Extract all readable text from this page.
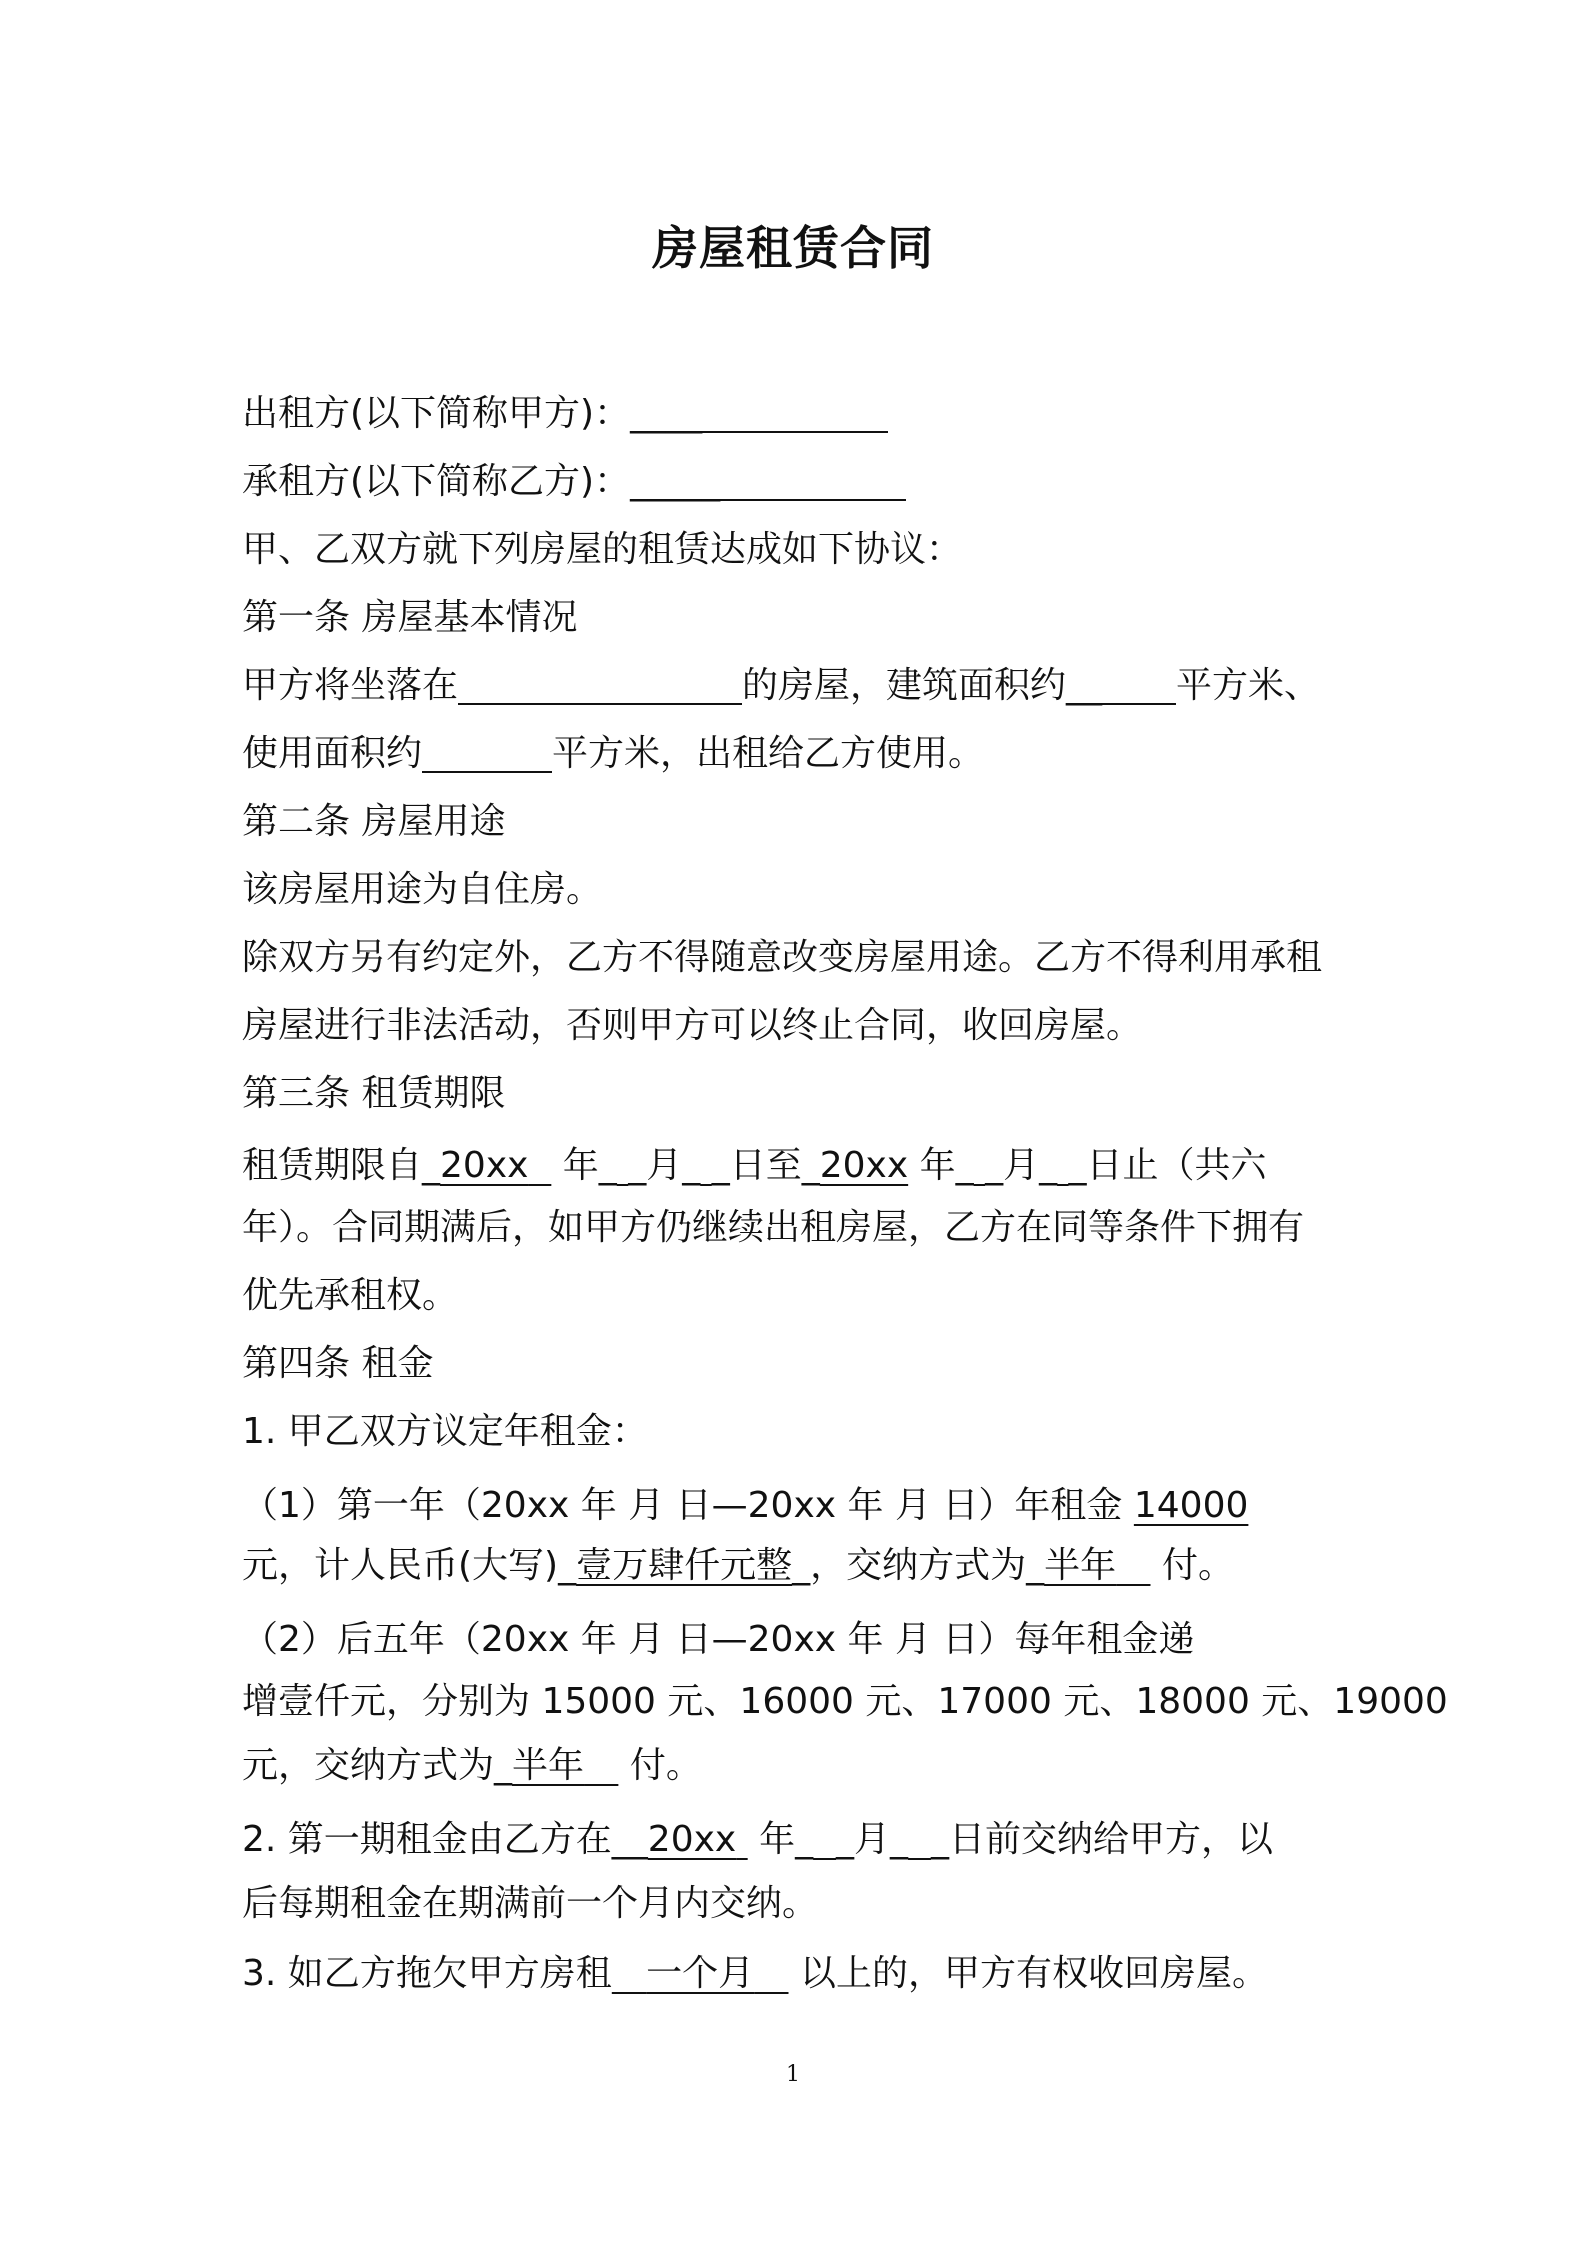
房屋租赁合同
出租方(以下简称甲方)：____
承租方(以下简称乙方)：_____
甲、乙双方就下列房屋的租赁达成如下协议：
第一条 房屋基本情况
甲方将坐落在	的房屋，建筑面积约__ 平方米、
使用面积约	平方米，出租给乙方使用。
第二条 房屋用途
该房屋用途为自住房。
除双方另有约定外，乙方不得随意改变房屋用途。乙方不得利用承租
房屋进行非法活动，否则甲方可以终止合同，收回房屋。
第三条 租赁期限
租赁期限自_20xx 年_ _月_ _日至_20xx 年_ _月_ _日止（共六
年）。合同期满后，如甲方仍继续出租房屋，乙方在同等条件下拥有
优先承租权。
第四条 租金
1. 甲乙双方议定年租金：
（1）第一年（20xx 年 月 日—20xx 年 月 日）年租金 14000
元，计人民币(大写)_壹万肆仟元整_，交纳方式为_半年 付。
（2）后五年（20xx 年 月 日—20xx 年 月 日）每年租金递
增壹仟元，分别为 15000 元、16000 元、17000 元、18000 元、19000
元，交纳方式为_半年 付。
2. 第一期租金由乙方在__20xx 年_ _月_ _日前交纳给甲方，以
后每期租金在期满前一个月内交纳。
3. 如乙方拖欠甲方房租 一个月 以上的，甲方有权收回房屋。
1
